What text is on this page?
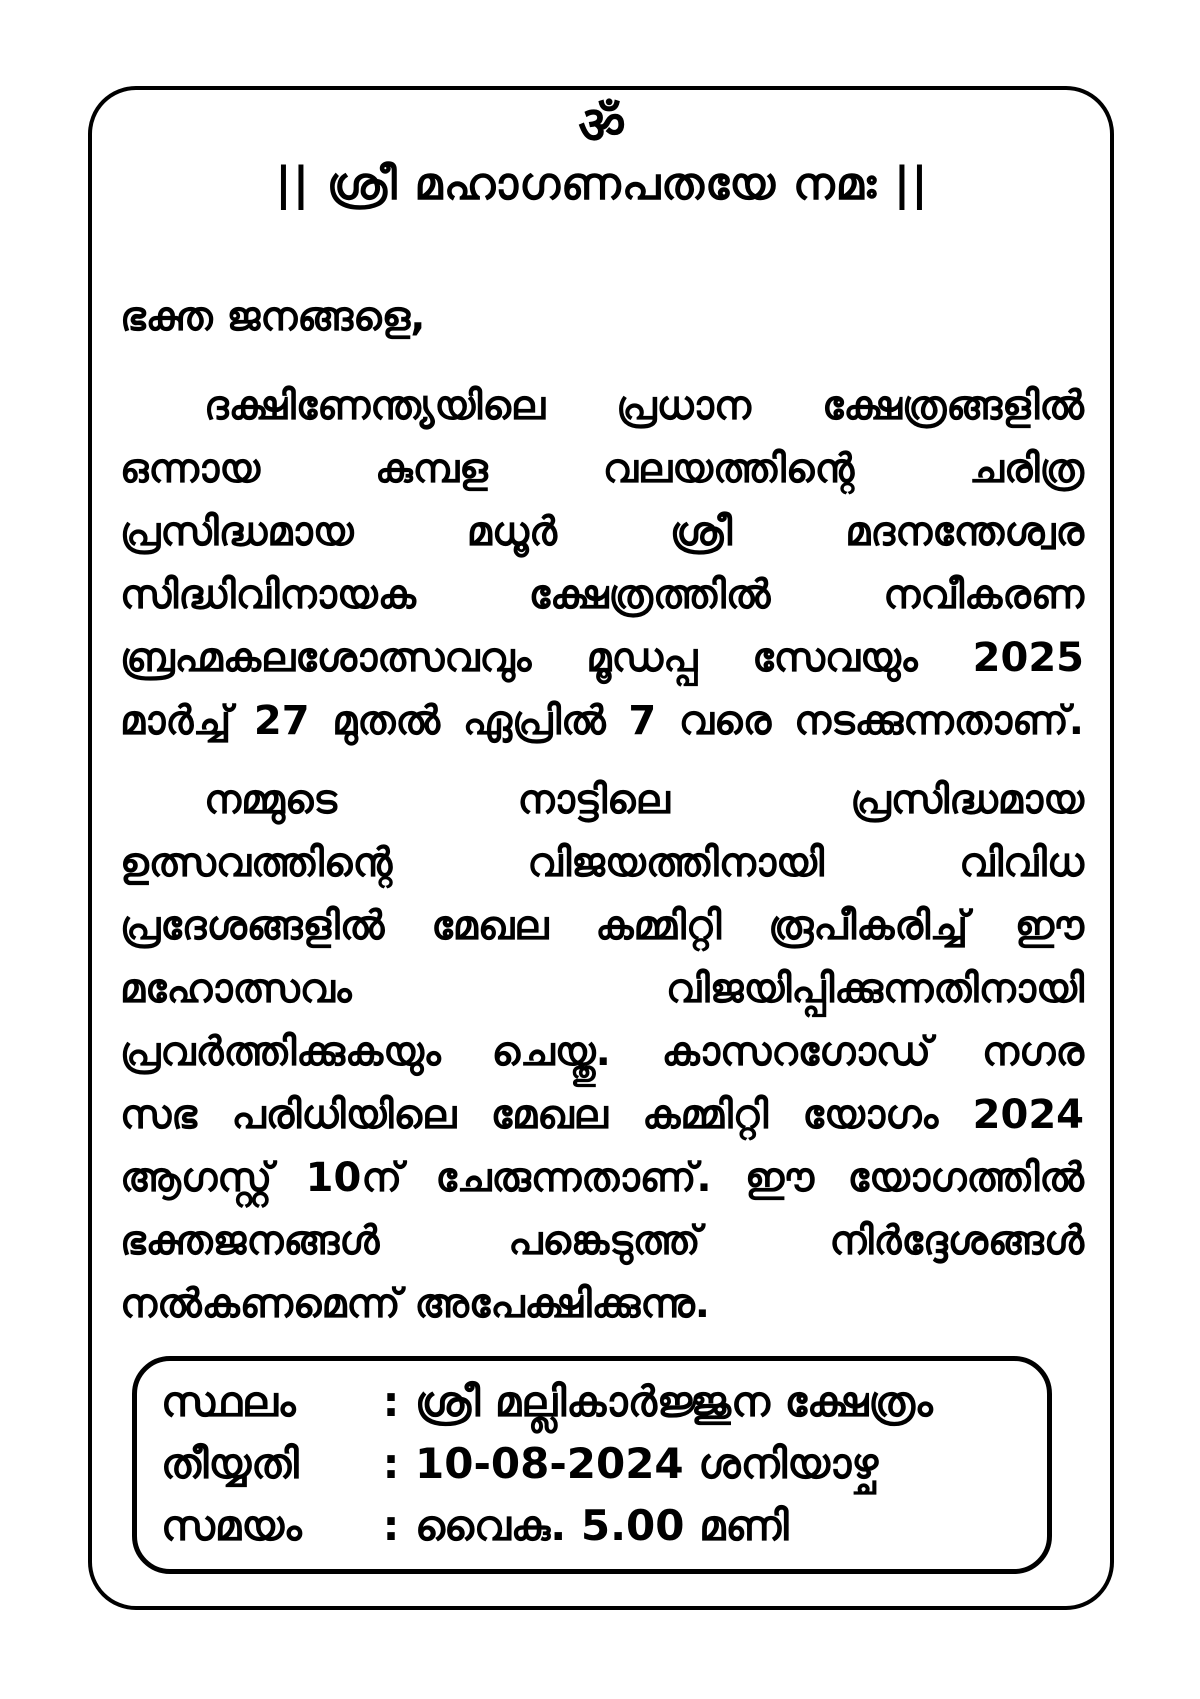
ॐ
|| ശ്രീ മഹാഗണപതയേ നമഃ ||
ഭക്ത ജനങ്ങളെ,
ദക്ഷിണേന്ത്യയിലെ പ്രധാന ക്ഷേത്രങ്ങളിൽ
ഒന്നായ കുമ്പള വലയത്തിന്റെ ചരിത്ര
പ്രസിദ്ധമായ മധൂർ ശ്രീ മദനന്തേശ്വര
സിദ്ധിവിനായക ക്ഷേത്രത്തിൽ നവീകരണ
ബ്രഹ്മകലശോത്സവവും മൂഡപ്പ സേവയും 2025
മാർച്ച് 27 മുതൽ ഏപ്രിൽ 7 വരെ നടക്കുന്നതാണ്.
നമ്മുടെ നാട്ടിലെ പ്രസിദ്ധമായ
ഉത്സവത്തിന്റെ വിജയത്തിനായി വിവിധ
പ്രദേശങ്ങളിൽ മേഖല കമ്മിറ്റി രൂപീകരിച്ച് ഈ
മഹോത്സവം വിജയിപ്പിക്കുന്നതിനായി
പ്രവർത്തിക്കുകയും ചെയ്തു. കാസറഗോഡ് നഗര
സഭ പരിധിയിലെ മേഖല കമ്മിറ്റി യോഗം 2024
ആഗസ്റ്റ് 10ന് ചേരുന്നതാണ്. ഈ യോഗത്തിൽ
ഭക്തജനങ്ങൾ പങ്കെടുത്ത് നിർദ്ദേശങ്ങൾ
നൽകണമെന്ന് അപേക്ഷിക്കുന്നു.
സ്ഥലം	: ശ്രീ മല്ലികാർജ്ജുന ക്ഷേത്രം
തീയ്യതി	: 10-08-2024 ശനിയാഴ്ച
സമയം	: വൈകു. 5.00 മണി
